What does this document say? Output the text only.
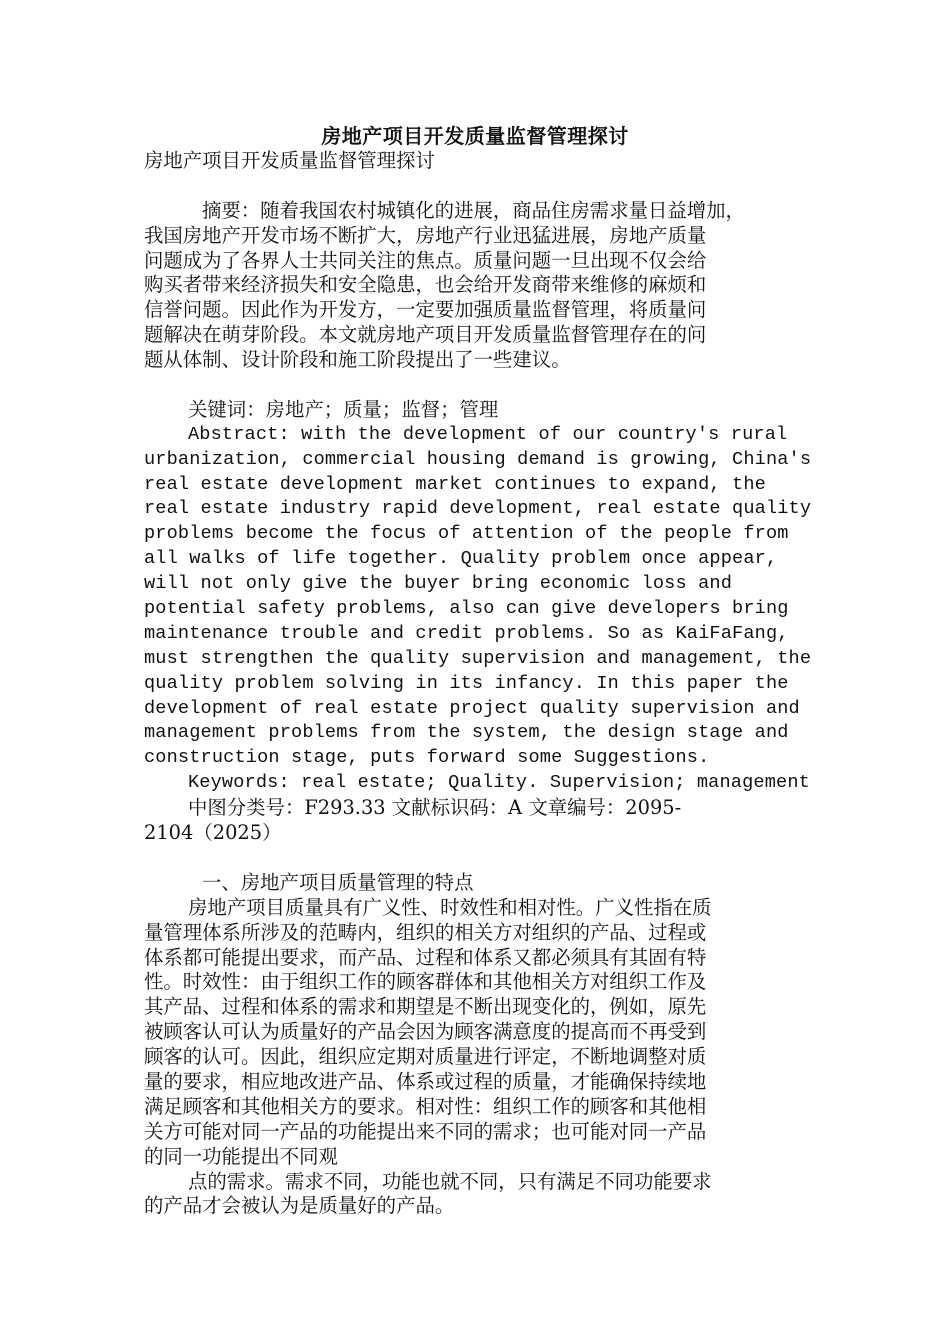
房地产项目开发质量监督管理探讨
房地产项目开发质量监督管理探讨
摘要：随着我国农村城镇化的进展，商品住房需求量日益增加，
我国房地产开发市场不断扩大，房地产行业迅猛进展，房地产质量
问题成为了各界人士共同关注的焦点。质量问题一旦出现不仅会给
购买者带来经济损失和安全隐患，也会给开发商带来维修的麻烦和
信誉问题。因此作为开发方，一定要加强质量监督管理，将质量问
题解决在萌芽阶段。本文就房地产项目开发质量监督管理存在的问
题从体制、设计阶段和施工阶段提出了一些建议。
关键词：房地产；质量；监督；管理
Abstract: with the development of our country's rural
urbanization, commercial housing demand is growing, China's
real estate development market continues to expand, the
real estate industry rapid development, real estate quality
problems become the focus of attention of the people from
all walks of life together. Quality problem once appear,
will not only give the buyer bring economic loss and
potential safety problems, also can give developers bring
maintenance trouble and credit problems. So as KaiFaFang,
must strengthen the quality supervision and management, the
quality problem solving in its infancy. In this paper the
development of real estate project quality supervision and
management problems from the system, the design stage and
construction stage, puts forward some Suggestions.
Keywords: real estate; Quality. Supervision; management
中图分类号：F293.33 文献标识码：A 文章编号：2095-
2104（2025）
一、房地产项目质量管理的特点
房地产项目质量具有广义性、时效性和相对性。广义性指在质
量管理体系所涉及的范畴内，组织的相关方对组织的产品、过程或
体系都可能提出要求，而产品、过程和体系又都必须具有其固有特
性。时效性：由于组织工作的顾客群体和其他相关方对组织工作及
其产品、过程和体系的需求和期望是不断出现变化的，例如，原先
被顾客认可认为质量好的产品会因为顾客满意度的提高而不再受到
顾客的认可。因此，组织应定期对质量进行评定，不断地调整对质
量的要求，相应地改进产品、体系或过程的质量，才能确保持续地
满足顾客和其他相关方的要求。相对性：组织工作的顾客和其他相
关方可能对同一产品的功能提出来不同的需求；也可能对同一产品
的同一功能提出不同观
点的需求。需求不同，功能也就不同，只有满足不同功能要求
的产品才会被认为是质量好的产品。
